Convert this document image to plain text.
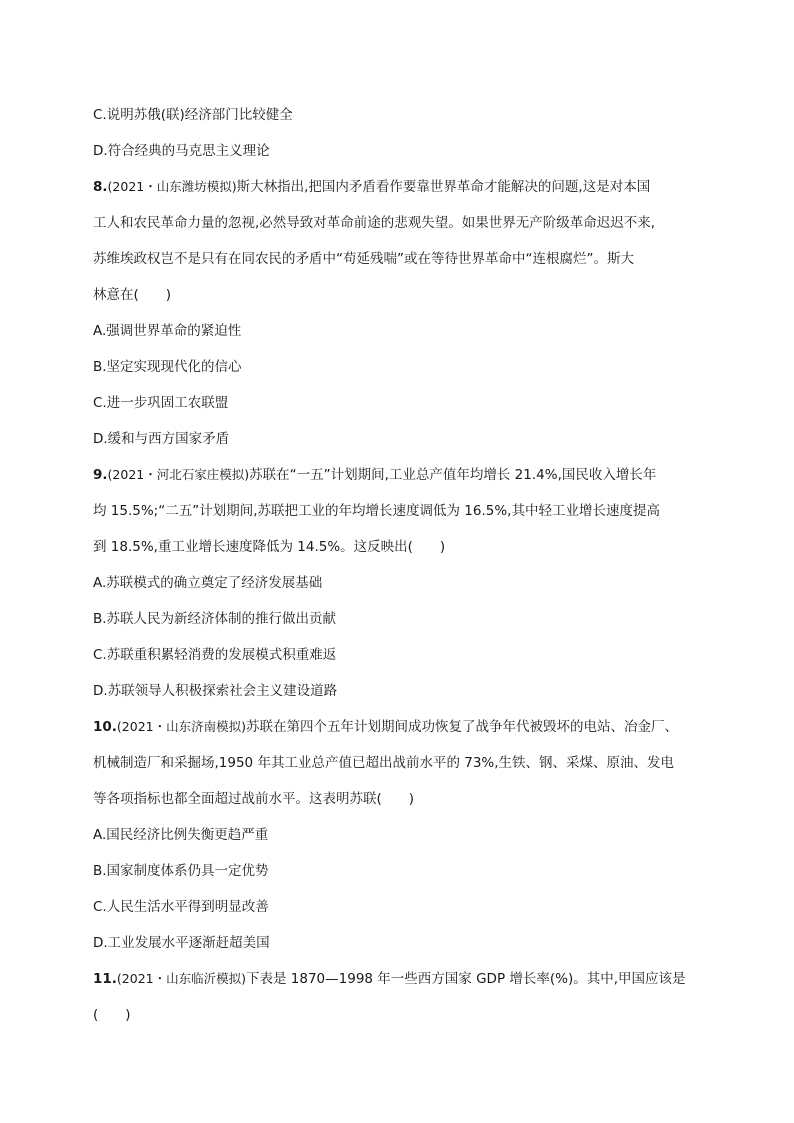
C.说明苏俄(联)经济部门比较健全
D.符合经典的马克思主义理论
8.(2021・山东潍坊模拟)斯大林指出,把国内矛盾看作要靠世界革命才能解决的问题,这是对本国
工人和农民革命力量的忽视,必然导致对革命前途的悲观失望。如果世界无产阶级革命迟迟不来,
苏维埃政权岂不是只有在同农民的矛盾中“苟延残喘”或在等待世界革命中“连根腐烂”。斯大
林意在(　　)
A.强调世界革命的紧迫性
B.坚定实现现代化的信心
C.进一步巩固工农联盟
D.缓和与西方国家矛盾
9.(2021・河北石家庄模拟)苏联在“一五”计划期间,工业总产值年均增长 21.4%,国民收入增长年
均 15.5%;“二五”计划期间,苏联把工业的年均增长速度调低为 16.5%,其中轻工业增长速度提高
到 18.5%,重工业增长速度降低为 14.5%。这反映出(　　)
A.苏联模式的确立奠定了经济发展基础
B.苏联人民为新经济体制的推行做出贡献
C.苏联重积累轻消费的发展模式积重难返
D.苏联领导人积极探索社会主义建设道路
10.(2021・山东济南模拟)苏联在第四个五年计划期间成功恢复了战争年代被毁坏的电站、冶金厂、
机械制造厂和采掘场,1950 年其工业总产值已超出战前水平的 73%,生铁、钢、采煤、原油、发电
等各项指标也都全面超过战前水平。这表明苏联(　　)
A.国民经济比例失衡更趋严重
B.国家制度体系仍具一定优势
C.人民生活水平得到明显改善
D.工业发展水平逐渐赶超美国
11.(2021・山东临沂模拟)下表是 1870—1998 年一些西方国家 GDP 增长率(%)。其中,甲国应该是
(　　)
